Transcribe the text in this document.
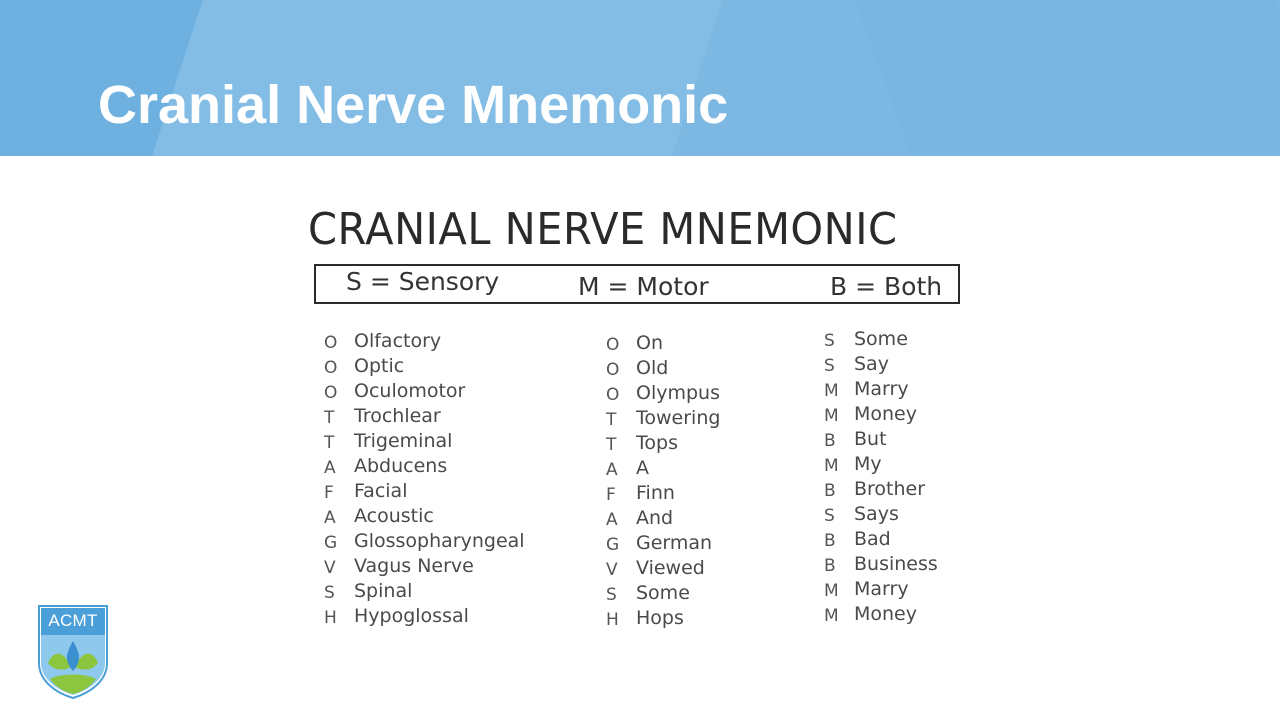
Cranial Nerve Mnemonic
CRANIAL NERVE MNEMONIC
S = Sensory	M = Motor	B = Both
O Olfactory
O Optic
O Oculomotor
T Trochlear
T Trigeminal
A Abducens
F Facial
A Acoustic
G Glossopharyngeal
V Vagus Nerve
S Spinal
H Hypoglossal
O On
O Old
O Olympus
T Towering
T Tops
A A
F Finn
A And
G German
V Viewed
S Some
H Hops
S Some
S Say
M Marry
M Money
B But
M My
B Brother
S Says
B Bad
B Business
M Marry
M Money
ACMT
